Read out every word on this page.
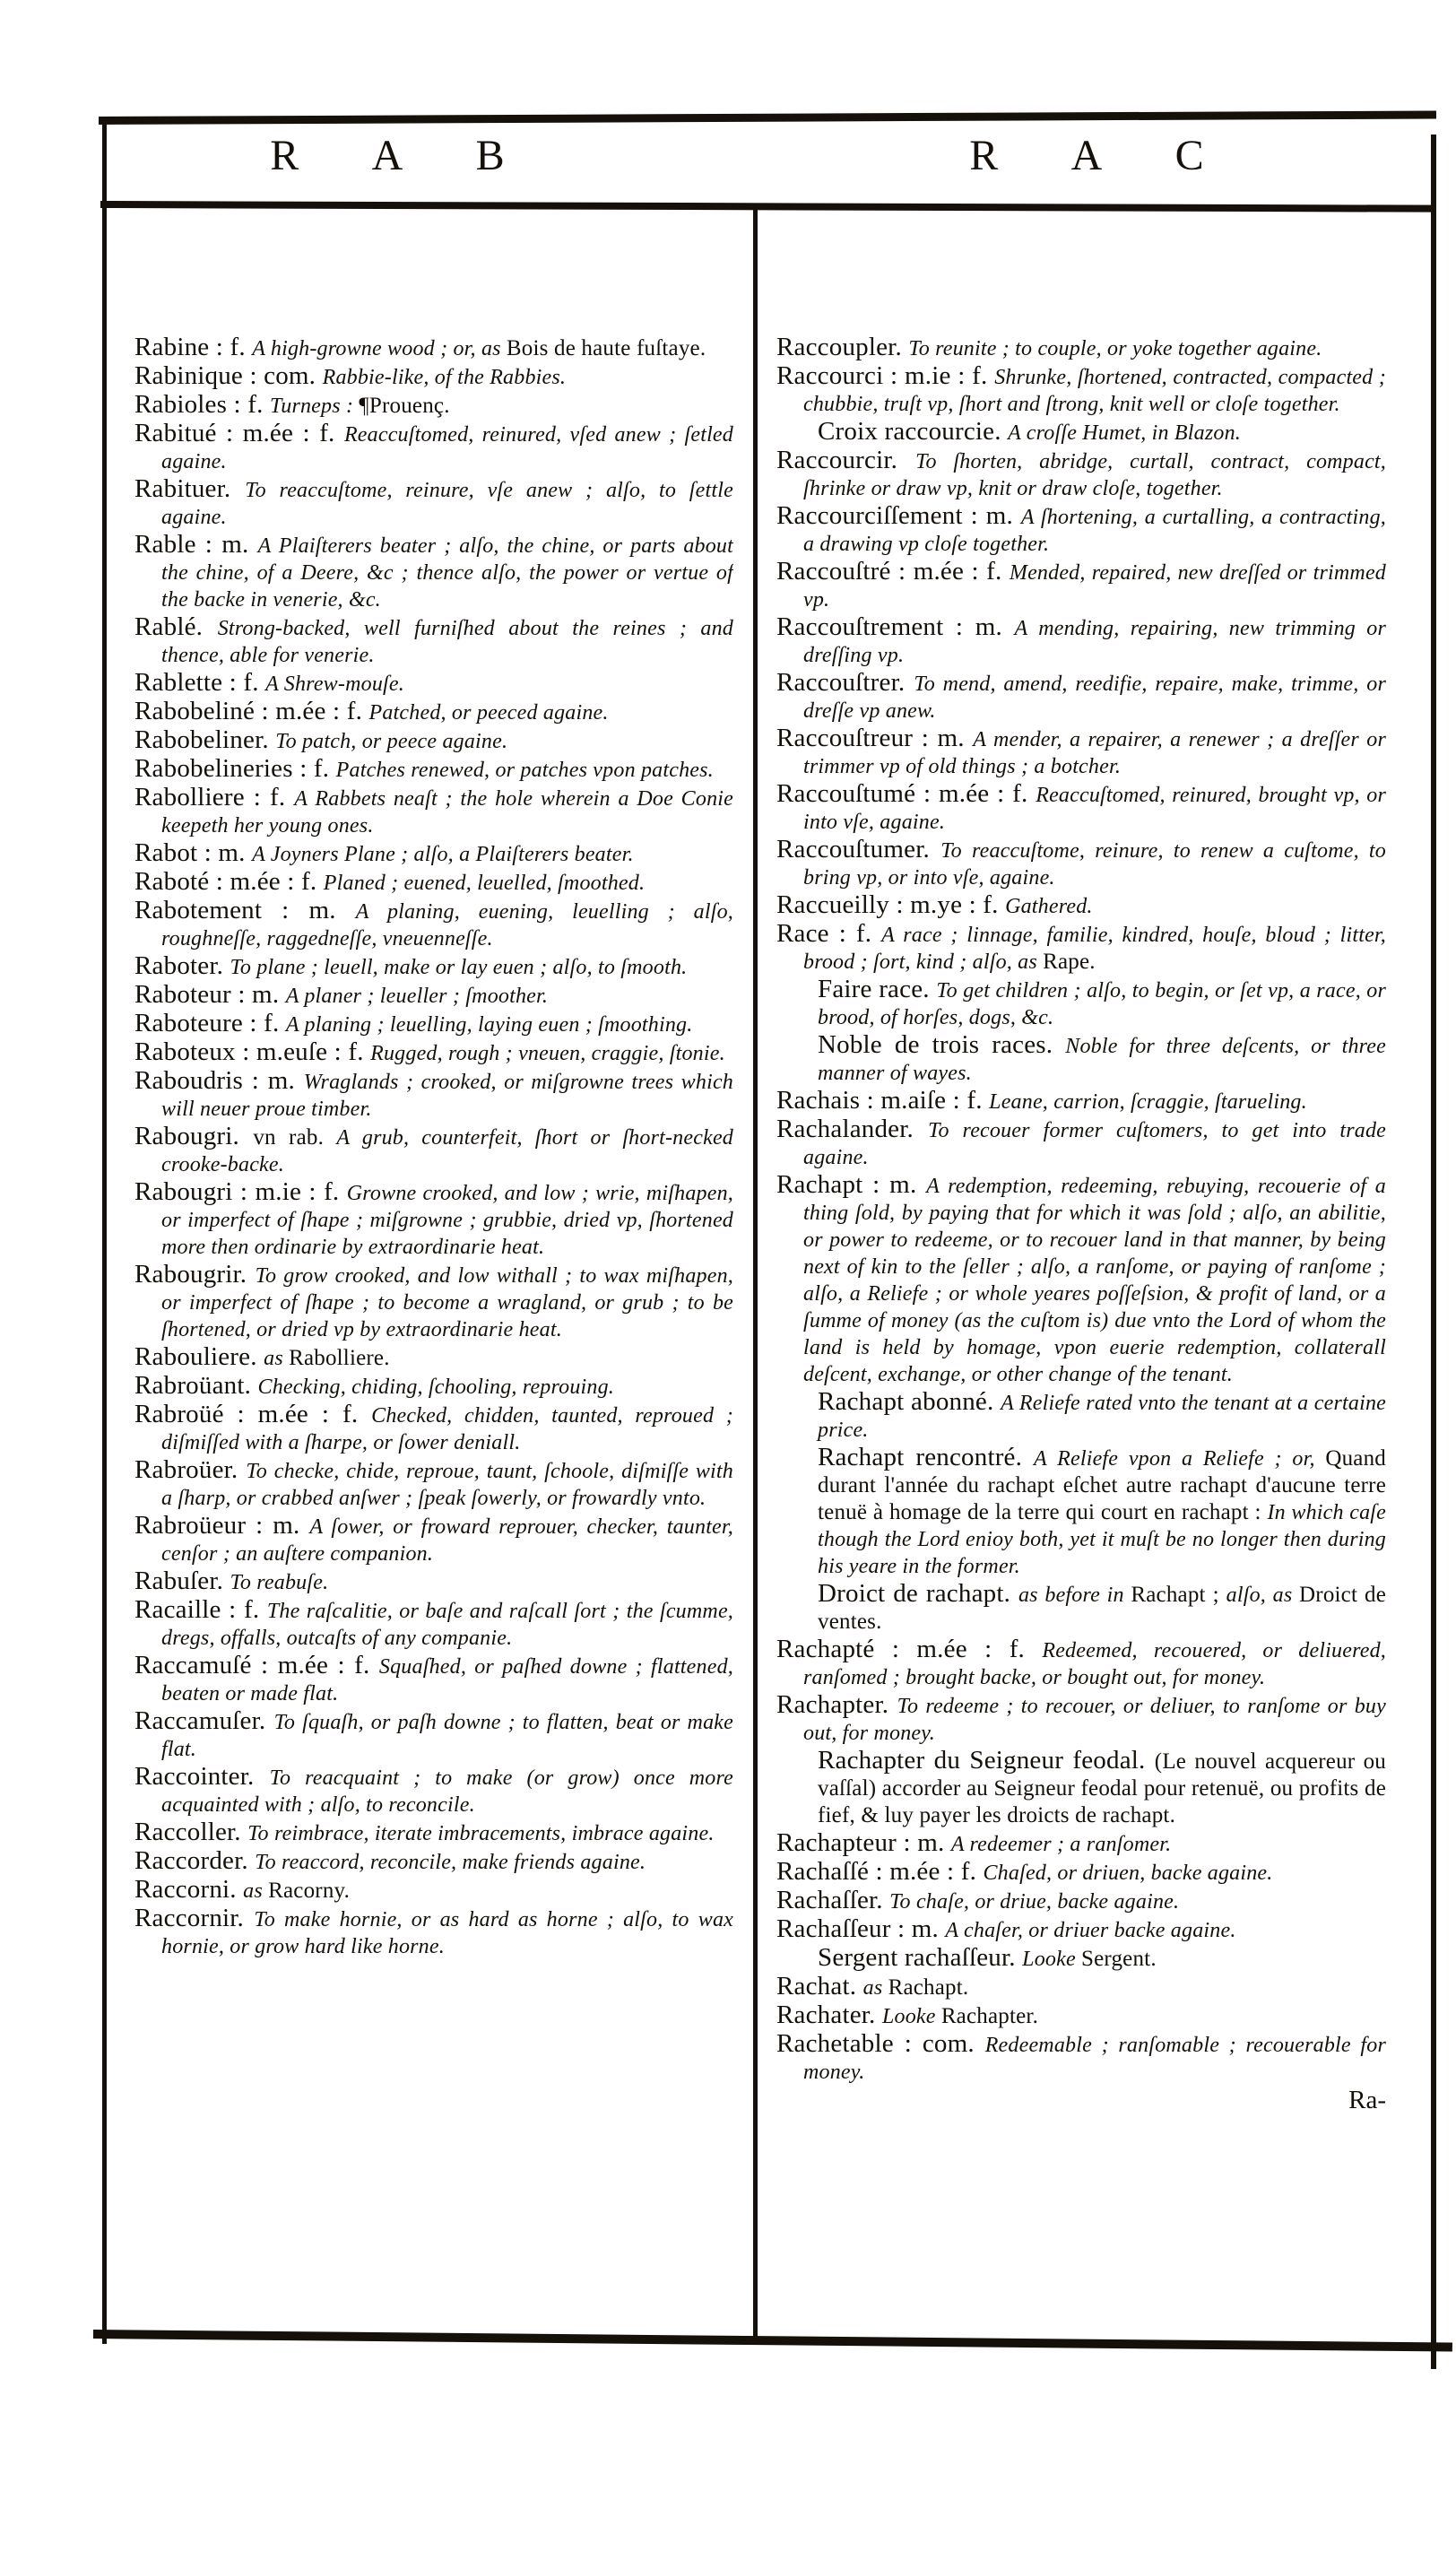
R A B	R A C

Rabine : f. A high-growne wood ; or, as Bois de haute fuſtaye.

Rabinique : com. Rabbie-like, of the Rabbies.

Rabioles : f. Turneps : ¶Prouenç.

Rabitué : m.ée : f. Reaccuſtomed, reinured, vſed anew ; ſetled againe.

Rabituer. To reaccuſtome, reinure, vſe anew ; alſo, to ſettle againe.

Rable : m. A Plaiſterers beater ; alſo, the chine, or parts about the chine, of a Deere, &c ; thence alſo, the power or vertue of the backe in venerie, &c.

Rablé. Strong-backed, well furniſhed about the reines ; and thence, able for venerie.

Rablette : f. A Shrew-mouſe.

Rabobeliné : m.ée : f. Patched, or peeced againe.

Rabobeliner. To patch, or peece againe.

Rabobelineries : f. Patches renewed, or patches vpon patches.

Rabolliere : f. A Rabbets neaſt ; the hole wherein a Doe Conie keepeth her young ones.

Rabot : m. A Joyners Plane ; alſo, a Plaiſterers beater.

Raboté : m.ée : f. Planed ; euened, leuelled, ſmoothed.

Rabotement : m. A planing, euening, leuelling ; alſo, roughneſſe, raggedneſſe, vneuenneſſe.

Raboter. To plane ; leuell, make or lay euen ; alſo, to ſmooth.

Raboteur : m. A planer ; leueller ; ſmoother.

Raboteure : f. A planing ; leuelling, laying euen ; ſmoothing.

Raboteux : m.euſe : f. Rugged, rough ; vneuen, craggie, ſtonie.

Raboudris : m. Wraglands ; crooked, or miſgrowne trees which will neuer proue timber.

Rabougri. vn rab. A grub, counterfeit, ſhort or ſhort-necked crooke-backe.

Rabougri : m.ie : f. Growne crooked, and low ; wrie, miſhapen, or imperfect of ſhape ; miſgrowne ; grubbie, dried vp, ſhortened more then ordinarie by extraordinarie heat.

Rabougrir. To grow crooked, and low withall ; to wax miſhapen, or imperfect of ſhape ; to become a wragland, or grub ; to be ſhortened, or dried vp by extraordinarie heat.

Rabouliere. as Rabolliere.

Rabroüant. Checking, chiding, ſchooling, reprouing.

Rabroüé : m.ée : f. Checked, chidden, taunted, reproued ; diſmiſſed with a ſharpe, or ſower deniall.

Rabroüer. To checke, chide, reproue, taunt, ſchoole, diſmiſſe with a ſharp, or crabbed anſwer ; ſpeak ſowerly, or frowardly vnto.

Rabroüeur : m. A ſower, or froward reprouer, checker, taunter, cenſor ; an auſtere companion.

Rabuſer. To reabuſe.

Racaille : f. The raſcalitie, or baſe and raſcall ſort ; the ſcumme, dregs, offalls, outcaſts of any companie.

Raccamuſé : m.ée : f. Squaſhed, or paſhed downe ; flattened, beaten or made flat.

Raccamuſer. To ſquaſh, or paſh downe ; to flatten, beat or make flat.

Raccointer. To reacquaint ; to make (or grow) once more acquainted with ; alſo, to reconcile.

Raccoller. To reimbrace, iterate imbracements, imbrace againe.

Raccorder. To reaccord, reconcile, make friends againe.

Raccorni. as Racorny.

Raccornir. To make hornie, or as hard as horne ; alſo, to wax hornie, or grow hard like horne.

Raccoupler. To reunite ; to couple, or yoke together againe.

Raccourci : m.ie : f. Shrunke, ſhortened, contracted, compacted ; chubbie, truſt vp, ſhort and ſtrong, knit well or cloſe together.

Croix raccourcie. A croſſe Humet, in Blazon.

Raccourcir. To ſhorten, abridge, curtall, contract, compact, ſhrinke or draw vp, knit or draw cloſe, together.

Raccourciſſement : m. A ſhortening, a curtalling, a contracting, a drawing vp cloſe together.

Raccouſtré : m.ée : f. Mended, repaired, new dreſſed or trimmed vp.

Raccouſtrement : m. A mending, repairing, new trimming or dreſſing vp.

Raccouſtrer. To mend, amend, reedifie, repaire, make, trimme, or dreſſe vp anew.

Raccouſtreur : m. A mender, a repairer, a renewer ; a dreſſer or trimmer vp of old things ; a botcher.

Raccouſtumé : m.ée : f. Reaccuſtomed, reinured, brought vp, or into vſe, againe.

Raccouſtumer. To reaccuſtome, reinure, to renew a cuſtome, to bring vp, or into vſe, againe.

Raccueilly : m.ye : f. Gathered.

Race : f. A race ; linnage, familie, kindred, houſe, bloud ; litter, brood ; ſort, kind ; alſo, as Rape.

Faire race. To get children ; alſo, to begin, or ſet vp, a race, or brood, of horſes, dogs, &c.

Noble de trois races. Noble for three deſcents, or three manner of wayes.

Rachais : m.aiſe : f. Leane, carrion, ſcraggie, ſtarueling.

Rachalander. To recouer former cuſtomers, to get into trade againe.

Rachapt : m. A redemption, redeeming, rebuying, recouerie of a thing ſold, by paying that for which it was ſold ; alſo, an abilitie, or power to redeeme, or to recouer land in that manner, by being next of kin to the ſeller ; alſo, a ranſome, or paying of ranſome ; alſo, a Reliefe ; or whole yeares poſſeſsion, & profit of land, or a ſumme of money (as the cuſtom is) due vnto the Lord of whom the land is held by homage, vpon euerie redemption, collaterall deſcent, exchange, or other change of the tenant.

Rachapt abonné. A Reliefe rated vnto the tenant at a certaine price.

Rachapt rencontré. A Reliefe vpon a Reliefe ; or, Quand durant l'année du rachapt eſchet autre rachapt d'aucune terre tenuë à homage de la terre qui court en rachapt : In which caſe though the Lord enioy both, yet it muſt be no longer then during his yeare in the former.

Droict de rachapt. as before in Rachapt ; alſo, as Droict de ventes.

Rachapté : m.ée : f. Redeemed, recouered, or deliuered, ranſomed ; brought backe, or bought out, for money.

Rachapter. To redeeme ; to recouer, or deliuer, to ranſome or buy out, for money.

Rachapter du Seigneur feodal. (Le nouvel acquereur ou vaſſal) accorder au Seigneur feodal pour retenuë, ou profits de fief, & luy payer les droicts de rachapt.

Rachapteur : m. A redeemer ; a ranſomer.

Rachaſſé : m.ée : f. Chaſed, or driuen, backe againe.

Rachaſſer. To chaſe, or driue, backe againe.

Rachaſſeur : m. A chaſer, or driuer backe againe.

Sergent rachaſſeur. Looke Sergent.

Rachat. as Rachapt.

Rachater. Looke Rachapter.

Rachetable : com. Redeemable ; ranſomable ; recouerable for money.

Ra-
